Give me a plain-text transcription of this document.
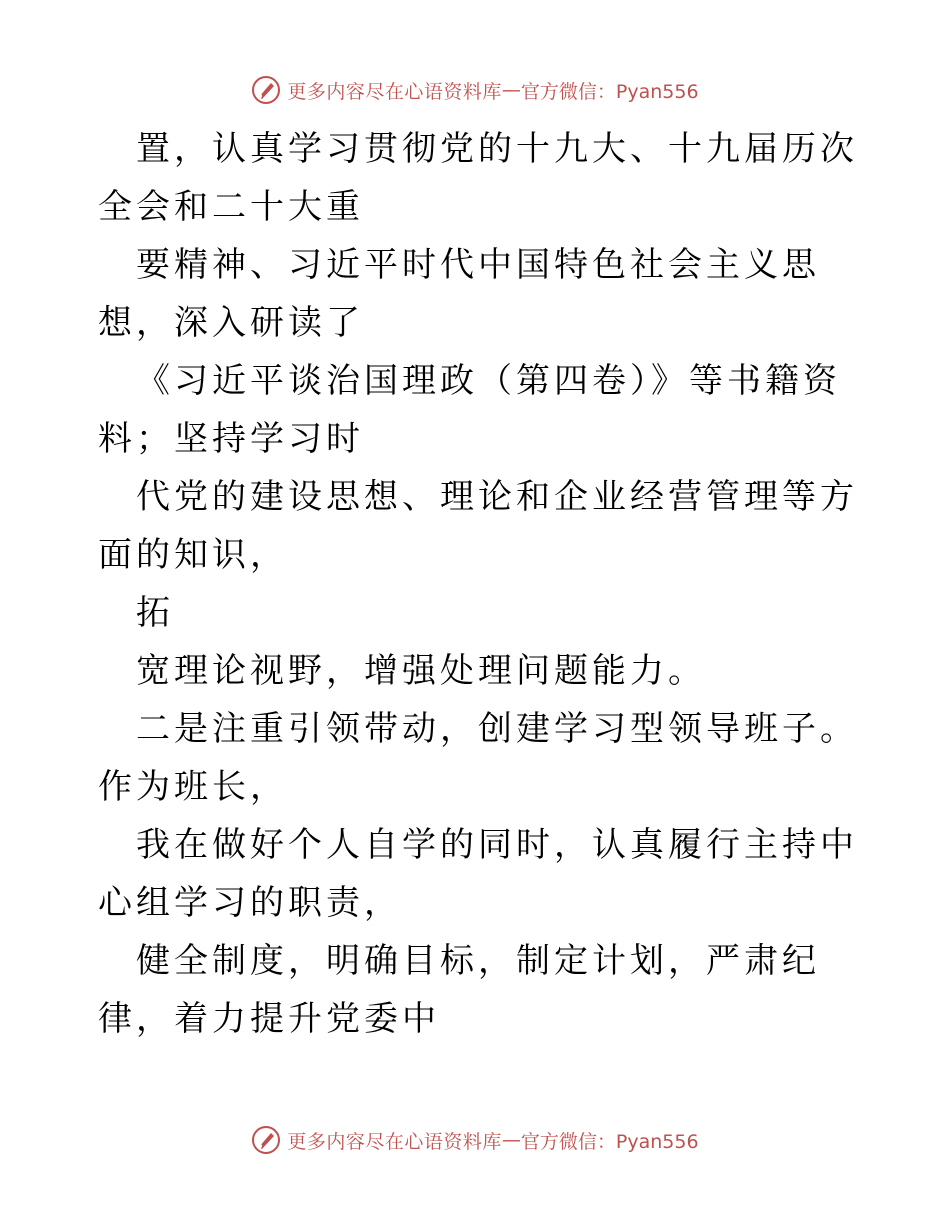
更多内容尽在心语资料库 — 官方微信：Pyan556

置，认真学习贯彻党的十九大、十九届历次全会和二十大重

要精神、习近平时代中国特色社会主义思想，深入研读了

《习近平谈治国理政（第四卷）》等书籍资料；坚持学习时

代党的建设思想、理论和企业经营管理等方面的知识，

拓

宽理论视野，增强处理问题能力。

二是注重引领带动，创建学习型领导班子。作为班长，

我在做好个人自学的同时，认真履行主持中心组学习的职责，

健全制度，明确目标，制定计划，严肃纪律，着力提升党委中

更多内容尽在心语资料库 — 官方微信：Pyan556
